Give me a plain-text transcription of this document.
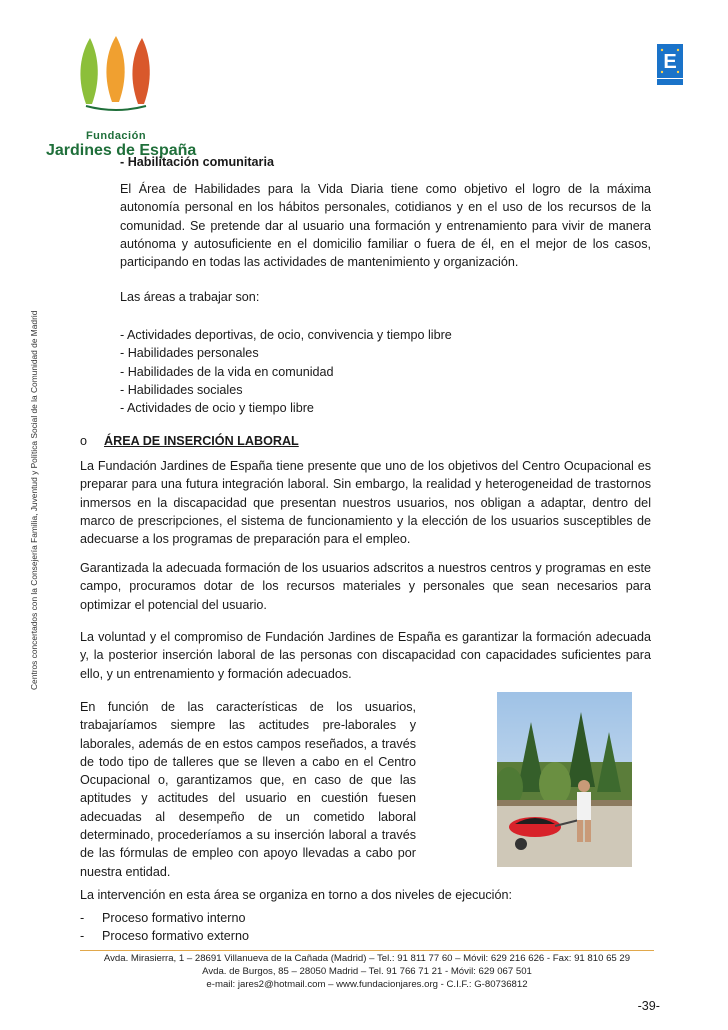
Fundación
Jardines de España
E
Centros concertados con la Consejería Familia, Juventud y Política Social de la Comunidad de Madrid
- Habilitación comunitaria

El Área de Habilidades para la Vida Diaria tiene como objetivo el logro de la máxima autonomía personal en los hábitos personales, cotidianos y en el uso de los recursos de la comunidad. Se pretende dar al usuario una formación y entrenamiento para vivir de manera autónoma y autosuficiente en el domicilio familiar o fuera de él, en el mejor de los casos, participando en todas las actividades de mantenimiento y organización.

Las áreas a trabajar son:

- Actividades deportivas, de ocio, convivencia y tiempo libre
- Habilidades personales
- Habilidades de la vida en comunidad
- Habilidades sociales
- Actividades de ocio y tiempo libre
o ÁREA DE INSERCIÓN LABORAL

La Fundación Jardines de España tiene presente que uno de los objetivos del Centro Ocupacional es preparar para una futura integración laboral. Sin embargo, la realidad y heterogeneidad de trastornos inmersos en la discapacidad que presentan nuestros usuarios, nos obligan a adaptar, dentro del marco de prescripciones, el sistema de funcionamiento y la elección de los usuarios susceptibles de adecuarse a los programas de preparación para el empleo.

Garantizada la adecuada formación de los usuarios adscritos a nuestros centros y programas en este campo, procuramos dotar de los recursos materiales y personales que sean necesarios para optimizar el potencial del usuario.

La voluntad y el compromiso de Fundación Jardines de España es garantizar la formación adecuada y, la posterior inserción laboral de las personas con discapacidad con capacidades suficientes para ello, y un entrenamiento y formación adecuados.

En función de las características de los usuarios, trabajaríamos siempre las actitudes pre-laborales y laborales, además de en estos campos reseñados, a través de todo tipo de talleres que se lleven a cabo en el Centro Ocupacional o, garantizamos que, en caso de que las aptitudes y actitudes del usuario en cuestión fuesen adecuadas al desempeño de un cometido laboral determinado, procederíamos a su inserción laboral a través de las fórmulas de empleo con apoyo llevadas a cabo por nuestra entidad.

La intervención en esta área se organiza en torno a dos niveles de ejecución:

- Proceso formativo interno
- Proceso formativo externo
Avda. Mirasierra, 1 – 28691 Villanueva de la Cañada (Madrid) – Tel.: 91 811 77 60 – Móvil: 629 216 626 - Fax: 91 810 65 29
Avda. de Burgos, 85 – 28050 Madrid – Tel. 91 766 71 21 - Móvil: 629 067 501
e-mail: jares2@hotmail.com – www.fundacionjares.org - C.I.F.: G-80736812
-39-
